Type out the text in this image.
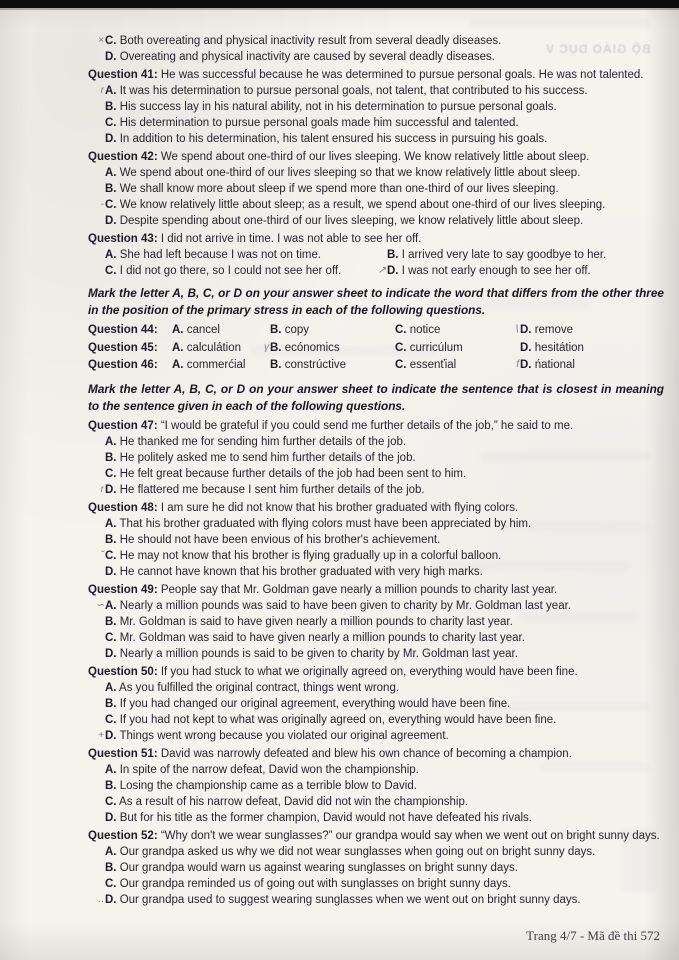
BỘ GIÁO DỤC V
× C. Both overeating and physical inactivity result from several deadly diseases.
D. Overeating and physical inactivity are caused by several deadly diseases.
Question 41: He was successful because he was determined to pursue personal goals. He was not talented.
r A. It was his determination to pursue personal goals, not talent, that contributed to his success.
B. His success lay in his natural ability, not in his determination to pursue personal goals.
C. His determination to pursue personal goals made him successful and talented.
D. In addition to his determination, his talent ensured his success in pursuing his goals.
Question 42: We spend about one-third of our lives sleeping. We know relatively little about sleep.
A. We spend about one-third of our lives sleeping so that we know relatively little about sleep.
B. We shall know more about sleep if we spend more than one-third of our lives sleeping.
- C. We know relatively little about sleep; as a result, we spend about one-third of our lives sleeping.
D. Despite spending about one-third of our lives sleeping, we know relatively little about sleep.
Question 43: I did not arrive in time. I was not able to see her off.
A. She had left because I was not on time.	B. I arrived very late to say goodbye to her.
C. I did not go there, so I could not see her off.	↗ D. I was not early enough to see her off.
Mark the letter A, B, C, or D on your answer sheet to indicate the word that differs from the other three in the position of the primary stress in each of the following questions.
Question 44:	A. cancel	B. copy	C. notice	∖ D. remove
Question 45:	A. calculátion	γ B. ecónomics	C. curricúlum	D. hesitátion
Question 46:	A. commerćial	B. constrúctive	C. essenťial	f D. ńational
Mark the letter A, B, C, or D on your answer sheet to indicate the sentence that is closest in meaning to the sentence given in each of the following questions.
Question 47: “I would be grateful if you could send me further details of the job,” he said to me.
A. He thanked me for sending him further details of the job.
B. He politely asked me to send him further details of the job.
C. He felt great because further details of the job had been sent to him.
r D. He flattered me because I sent him further details of the job.
Question 48: I am sure he did not know that his brother graduated with flying colors.
A. That his brother graduated with flying colors must have been appreciated by him.
B. He should not have been envious of his brother's achievement.
ˇ C. He may not know that his brother is flying gradually up in a colorful balloon.
D. He cannot have known that his brother graduated with very high marks.
Question 49: People say that Mr. Goldman gave nearly a million pounds to charity last year.
∽ A. Nearly a million pounds was said to have been given to charity by Mr. Goldman last year.
B. Mr. Goldman is said to have given nearly a million pounds to charity last year.
C. Mr. Goldman was said to have given nearly a million pounds to charity last year.
D. Nearly a million pounds is said to be given to charity by Mr. Goldman last year.
Question 50: If you had stuck to what we originally agreed on, everything would have been fine.
A. As you fulfilled the original contract, things went wrong.
B. If you had changed our original agreement, everything would have been fine.
C. If you had not kept to what was originally agreed on, everything would have been fine.
+ D. Things went wrong because you violated our original agreement.
Question 51: David was narrowly defeated and blew his own chance of becoming a champion.
A. In spite of the narrow defeat, David won the championship.
B. Losing the championship came as a terrible blow to David.
C. As a result of his narrow defeat, David did not win the championship.
D. But for his title as the former champion, David would not have defeated his rivals.
Question 52: “Why don't we wear sunglasses?” our grandpa would say when we went out on bright sunny days.
A. Our grandpa asked us why we did not wear sunglasses when going out on bright sunny days.
B. Our grandpa would warn us against wearing sunglasses on bright sunny days.
C. Our grandpa reminded us of going out with sunglasses on bright sunny days.
‥ D. Our grandpa used to suggest wearing sunglasses when we went out on bright sunny days.
Trang 4/7 - Mã đề thi 572
